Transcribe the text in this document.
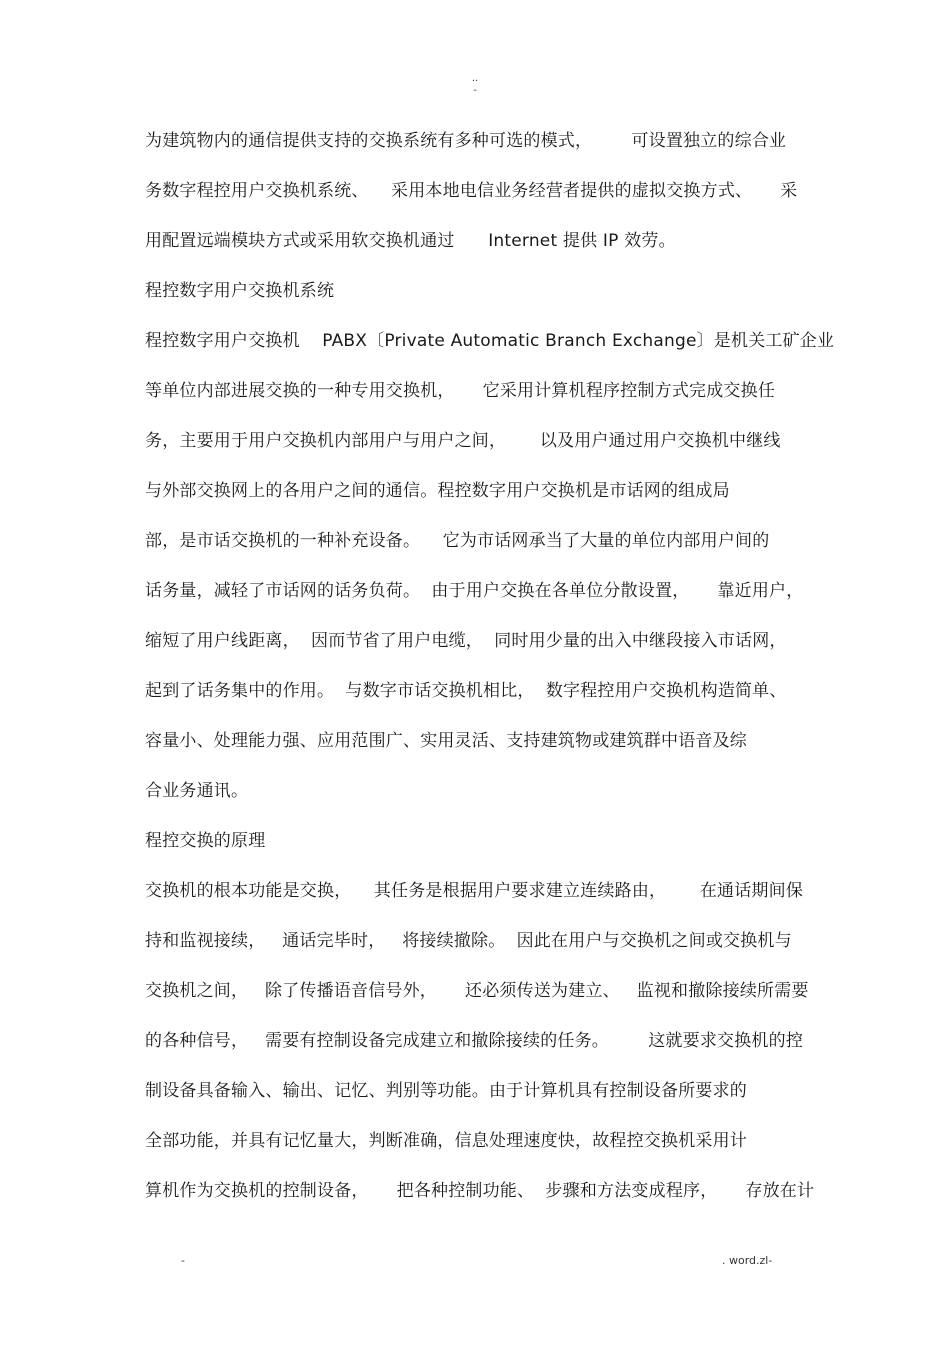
..
-
为建筑物内的通信提供支持的交换系统有多种可选的模式，       可设置独立的综合业
务数字程控用户交换机系统、    采用本地电信业务经营者提供的虚拟交换方式、     采
用配置远端模块方式或采用软交换机通过      Internet 提供 IP 效劳。
程控数字用户交换机系统
程控数字用户交换机    PABX〔Private Automatic Branch Exchange〕是机关工矿企业
等单位内部进展交换的一种专用交换机，     它采用计算机程序控制方式完成交换任
务，主要用于用户交换机内部用户与用户之间，      以及用户通过用户交换机中继线
与外部交换网上的各用户之间的通信。程控数字用户交换机是市话网的组成局
部，是市话交换机的一种补充设备。    它为市话网承当了大量的单位内部用户间的
话务量，减轻了市话网的话务负荷。  由于用户交换在各单位分散设置，     靠近用户，
缩短了用户线距离，  因而节省了用户电缆，  同时用少量的出入中继段接入市话网，
起到了话务集中的作用。  与数字市话交换机相比，  数字程控用户交换机构造简单、
容量小、处理能力强、应用范围广、实用灵活、支持建筑物或建筑群中语音及综
合业务通讯。
程控交换的原理
交换机的根本功能是交换，    其任务是根据用户要求建立连续路由，      在通话期间保
持和监视接续，   通话完毕时，   将接续撤除。  因此在用户与交换机之间或交换机与
交换机之间，   除了传播语音信号外，     还必须传送为建立、   监视和撤除接续所需要
的各种信号，   需要有控制设备完成建立和撤除接续的任务。       这就要求交换机的控
制设备具备输入、输出、记忆、判别等功能。由于计算机具有控制设备所要求的
全部功能，并具有记忆量大，判断准确，信息处理速度快，故程控交换机采用计
算机作为交换机的控制设备，     把各种控制功能、  步骤和方法变成程序，     存放在计
-	. word.zl-
